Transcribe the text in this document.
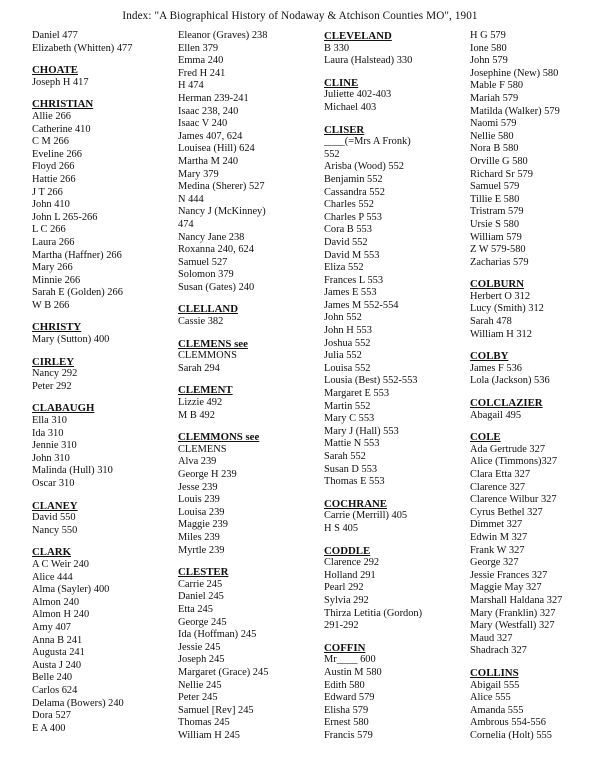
Index: "A Biographical History of Nodaway & Atchison Counties MO", 1901
Daniel 477
Elizabeth (Whitten) 477
CHOATE
Joseph H 417
CHRISTIAN
Allie 266
Catherine 410
C M 266
Eveline 266
Floyd 266
Hattie 266
J T 266
John 410
John L 265-266
L C 266
Laura 266
Martha (Haffner) 266
Mary 266
Minnie 266
Sarah E (Golden) 266
W B 266
CHRISTY
Mary (Sutton) 400
CIRLEY
Nancy 292
Peter 292
CLABAUGH
Ella 310
Ida 310
Jennie 310
John 310
Malinda (Hull) 310
Oscar 310
CLANEY
David 550
Nancy 550
CLARK
A C Weir 240
Alice 444
Alma (Sayler) 400
Almon 240
Almon H 240
Amy 407
Anna B 241
Augusta 241
Austa J 240
Belle 240
Carlos 624
Delama (Bowers) 240
Dora 527
E A 400
Eleanor (Graves) 238
Ellen 379
Emma 240
Fred H 241
H 474
Herman 239-241
Isaac 238, 240
Isaac V 240
James 407, 624
Louisea (Hill) 624
Martha M 240
Mary 379
Medina (Sherer) 527
N 444
Nancy J (McKinney)
474
Nancy Jane 238
Roxanna 240, 624
Samuel 527
Solomon 379
Susan (Gates) 240
CLELLAND
Cassie 382
CLEMENS see
CLEMMONS
Sarah 294
CLEMENT
Lizzie 492
M B 492
CLEMMONS see
CLEMENS
Alva 239
George H 239
Jesse 239
Louis 239
Louisa 239
Maggie 239
Miles 239
Myrtle 239
CLESTER
Carrie 245
Daniel 245
Etta 245
George 245
Ida (Hoffman) 245
Jessie 245
Joseph 245
Margaret (Grace) 245
Nellie 245
Peter 245
Samuel [Rev] 245
Thomas 245
William H 245
CLEVELAND
B 330
Laura (Halstead) 330
CLINE
Juliette 402-403
Michael 403
CLISER
____(=Mrs A Fronk)
552
Arisba (Wood) 552
Benjamin 552
Cassandra 552
Charles 552
Charles P 553
Cora B 553
David 552
David M 553
Eliza 552
Frances L 553
James E 553
James M 552-554
John 552
John H 553
Joshua 552
Julia 552
Louisa 552
Lousia (Best) 552-553
Margaret E 553
Martin 552
Mary C 553
Mary J (Hall) 553
Mattie N 553
Sarah 552
Susan D 553
Thomas E 553
COCHRANE
Carrie (Merrill) 405
H S 405
CODDLE
Clarence 292
Holland 291
Pearl 292
Sylvia 292
Thirza Letitia (Gordon)
291-292
COFFIN
Mr____ 600
Austin M 580
Edith 580
Edward 579
Elisha 579
Ernest 580
Francis 579
H G 579
Ione 580
John 579
Josephine (New) 580
Mable F 580
Mariah 579
Matilda (Walker) 579
Naomi 579
Nellie 580
Nora B 580
Orville G 580
Richard Sr 579
Samuel 579
Tillie E 580
Tristram 579
Ursie S 580
William 579
Z W 579-580
Zacharias 579
COLBURN
Herbert O 312
Lucy (Smith) 312
Sarah 478
William H 312
COLBY
James F 536
Lola (Jackson) 536
COLCLAZIER
Abagail 495
COLE
Ada Gertrude 327
Alice (Timmons)327
Clara Etta 327
Clarence 327
Clarence Wilbur 327
Cyrus Bethel 327
Dimmet 327
Edwin M 327
Frank W 327
George 327
Jessie Frances 327
Maggie May 327
Marshall Haldana 327
Mary (Franklin) 327
Mary (Westfall) 327
Maud 327
Shadrach 327
COLLINS
Abigail 555
Alice 555
Amanda 555
Ambrous 554-556
Cornelia (Holt) 555
